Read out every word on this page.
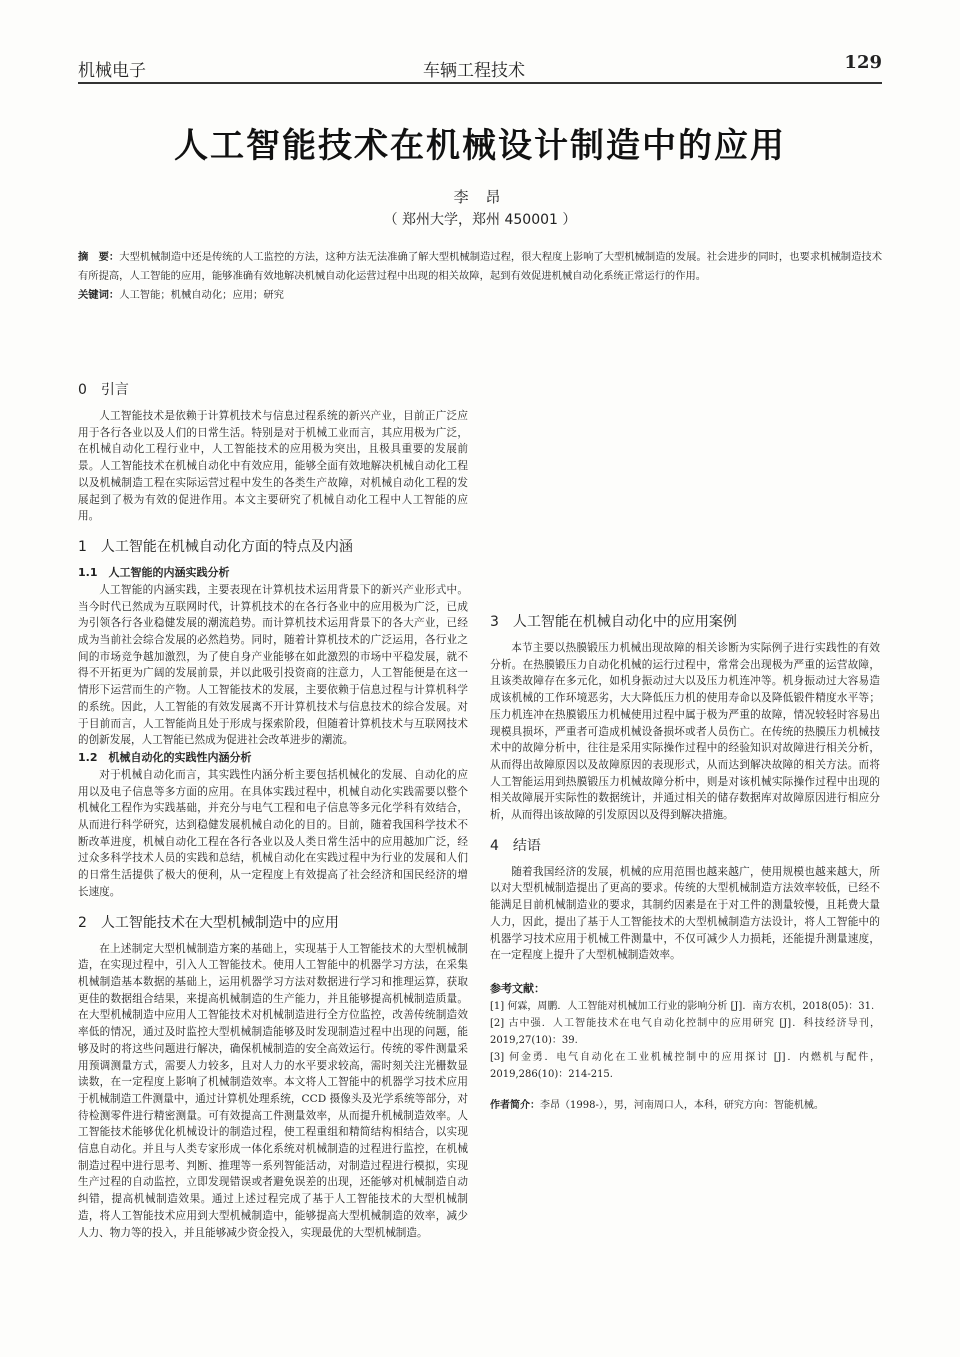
机械电子	车辆工程技术	129
人工智能技术在机械设计制造中的应用
李 昂
（ 郑州大学，郑州 450001 ）
摘　要：大型机械制造中还是传统的人工监控的方法，这种方法无法准确了解大型机械制造过程，很大程度上影响了大型机械制造的发展。社会进步的同时，也要求机械制造技术有所提高，人工智能的应用，能够准确有效地解决机械自动化运营过程中出现的相关故障，起到有效促进机械自动化系统正常运行的作用。
关键词：人工智能；机械自动化；应用；研究
0　引言

人工智能技术是依赖于计算机技术与信息过程系统的新兴产业，目前正广泛应用于各行各业以及人们的日常生活。特别是对于机械工业而言，其应用极为广泛，在机械自动化工程行业中，人工智能技术的应用极为突出，且极具重要的发展前景。人工智能技术在机械自动化中有效应用，能够全面有效地解决机械自动化工程以及机械制造工程在实际运营过程中发生的各类生产故障，对机械自动化工程的发展起到了极为有效的促进作用。本文主要研究了机械自动化工程中人工智能的应用。

1　人工智能在机械自动化方面的特点及内涵
1.1　人工智能的内涵实践分析

人工智能的内涵实践，主要表现在计算机技术运用背景下的新兴产业形式中。当今时代已然成为互联网时代，计算机技术的在各行各业中的应用极为广泛，已成为引领各行各业稳健发展的潮流趋势。而计算机技术运用背景下的各大产业，已经成为当前社会综合发展的必然趋势。同时，随着计算机技术的广泛运用，各行业之间的市场竞争越加激烈，为了使自身产业能够在如此激烈的市场中平稳发展，就不得不开拓更为广阔的发展前景，并以此吸引投资商的注意力，人工智能便是在这一情形下运营而生的产物。人工智能技术的发展，主要依赖于信息过程与计算机科学的系统。因此，人工智能的有效发展离不开计算机技术与信息技术的综合发展。对于目前而言，人工智能尚且处于形成与探索阶段，但随着计算机技术与互联网技术的创新发展，人工智能已然成为促进社会改革进步的潮流。

1.2　机械自动化的实践性内涵分析

对于机械自动化而言，其实践性内涵分析主要包括机械化的发展、自动化的应用以及电子信息等多方面的应用。在具体实践过程中，机械自动化实践需要以整个机械化工程作为实践基础，并充分与电气工程和电子信息等多元化学科有效结合，从而进行科学研究，达到稳健发展机械自动化的目的。目前，随着我国科学技术不断改革进度，机械自动化工程在各行各业以及人类日常生活中的应用越加广泛，经过众多科学技术人员的实践和总结，机械自动化在实践过程中为行业的发展和人们的日常生活提供了极大的便利，从一定程度上有效提高了社会经济和国民经济的增长速度。

2　人工智能技术在大型机械制造中的应用

在上述制定大型机械制造方案的基础上，实现基于人工智能技术的大型机械制造，在实现过程中，引入人工智能技术。使用人工智能中的机器学习方法，在采集机械制造基本数据的基础上，运用机器学习方法对数据进行学习和推理运算，获取更佳的数据组合结果，来提高机械制造的生产能力，并且能够提高机械制造质量。在大型机械制造中应用人工智能技术对机械制造进行全方位监控，改善传统制造效率低的情况，通过及时监控大型机械制造能够及时发现制造过程中出现的问题，能够及时的将这些问题进行解决，确保机械制造的安全高效运行。传统的零件测量采用预调测量方式，需要人力较多，且对人力的水平要求较高，需时刻关注光栅数显读数，在一定程度上影响了机械制造效率。本文将人工智能中的机器学习技术应用于机械制造工件测量中，通过计算机处理系统，CCD 摄像头及光学系统等部分，对待检测零件进行精密测量。可有效提高工件测量效率，从而提升机械制造效率。人工智能技术能够优化机械设计的制造过程，使工程重组和精简结构相结合，以实现信息自动化。并且与人类专家形成一体化系统对机械制造的过程进行监控，在机械制造过程中进行思考、判断、推理等一系列智能活动，对制造过程进行模拟，实现生产过程的自动监控，立即发现错误或者避免误差的出现，还能够对机械制造自动纠错，提高机械制造效果。通过上述过程完成了基于人工智能技术的大型机械制造，将人工智能技术应用到大型机械制造中，能够提高大型机械制造的效率，减少人力、物力等的投入，并且能够减少资金投入，实现最优的大型机械制造。

3　人工智能在机械自动化中的应用案例

本节主要以热膜锻压力机械出现故障的相关诊断为实际例子进行实践性的有效分析。在热膜锻压力自动化机械的运行过程中，常常会出现极为严重的运营故障，且该类故障存在多元化，如机身振动过大以及压力机连冲等。机身振动过大容易造成该机械的工作环境恶劣，大大降低压力机的使用寿命以及降低锻件精度水平等；压力机连冲在热膜锻压力机械使用过程中属于极为严重的故障，情况较轻时容易出现模具损坏，严重者可造成机械设备损坏或者人员伤亡。在传统的热膜压力机械技术中的故障分析中，往往是采用实际操作过程中的经验知识对故障进行相关分析，从而得出故障原因以及故障原因的表现形式，从而达到解决故障的相关方法。而将人工智能运用到热膜锻压力机械故障分析中，则是对该机械实际操作过程中出现的相关故障展开实际性的数据统计，并通过相关的储存数据库对故障原因进行相应分析，从而得出该故障的引发原因以及得到解决措施。

4　结语

随着我国经济的发展，机械的应用范围也越来越广，使用规模也越来越大，所以对大型机械制造提出了更高的要求。传统的大型机械制造方法效率较低，已经不能满足目前机械制造业的要求，其制约因素是在于对工件的测量较慢，且耗费大量人力，因此，提出了基于人工智能技术的大型机械制造方法设计，将人工智能中的机器学习技术应用于机械工件测量中，不仅可减少人力损耗，还能提升测量速度，在一定程度上提升了大型机械制造效率。

参考文献：
[1] 何霖，周鹏．人工智能对机械加工行业的影响分析 [J]．南方农机，2018(05)：31.
[2] 古中强．人工智能技术在电气自动化控制中的应用研究 [J]．科技经济导刊，2019,27(10)：39.
[3] 何金勇．电气自动化在工业机械控制中的应用探讨 [J]．内燃机与配件，2019,286(10)：214-215.
作者简介：李昂（1998-），男，河南周口人，本科，研究方向：智能机械。
